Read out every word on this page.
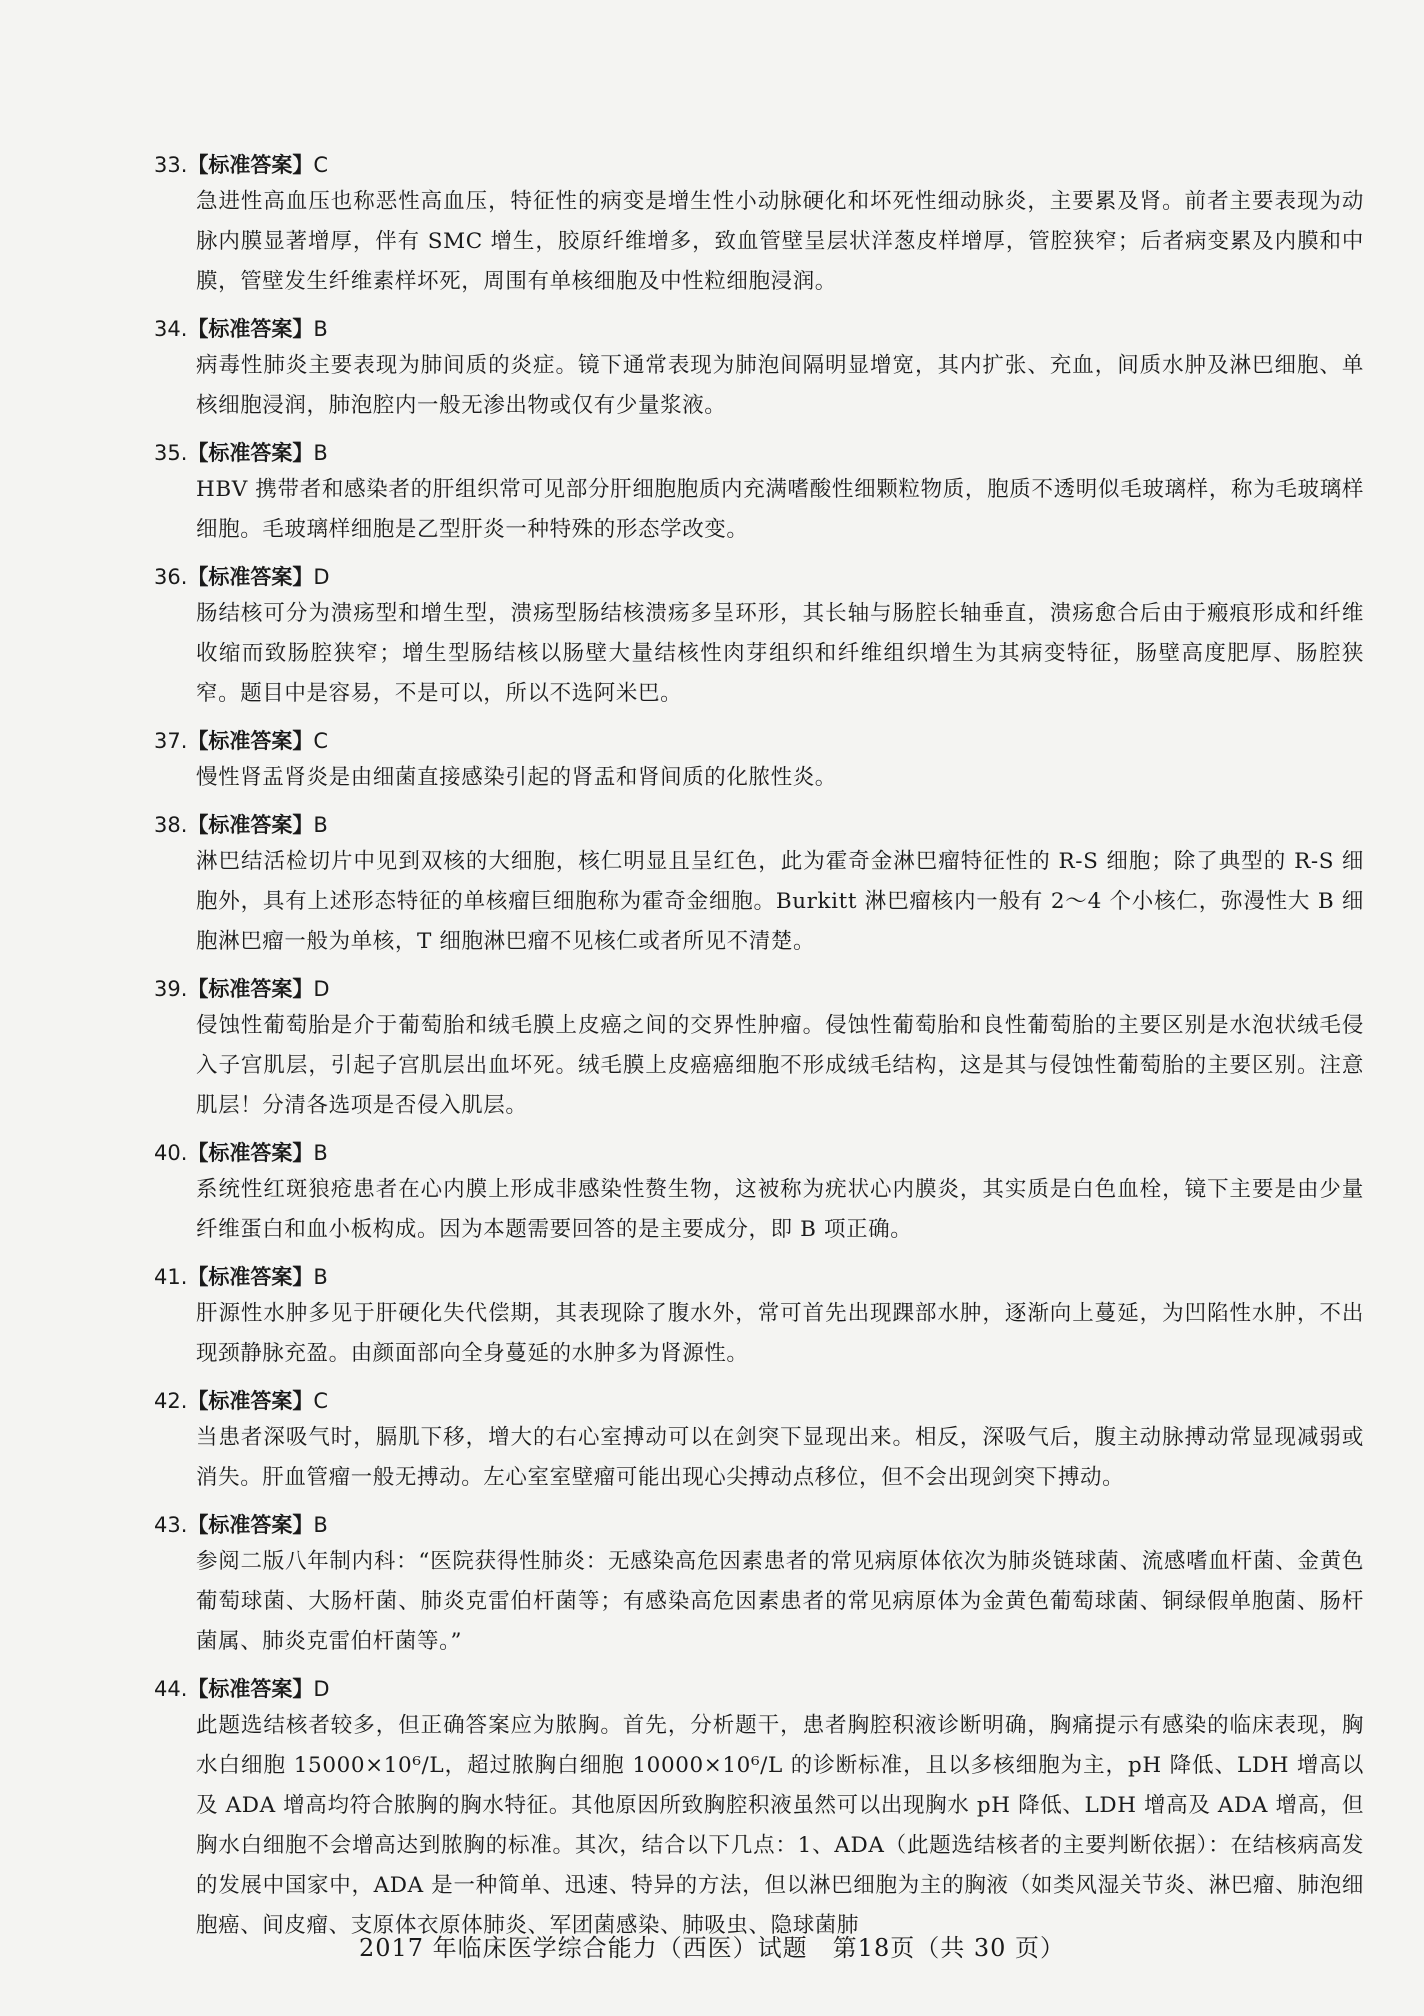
33.【标准答案】C
急进性高血压也称恶性高血压，特征性的病变是增生性小动脉硬化和坏死性细动脉炎，主要累及肾。前者主要表现为动脉内膜显著增厚，伴有 SMC 增生，胶原纤维增多，致血管壁呈层状洋葱皮样增厚，管腔狭窄；后者病变累及内膜和中膜，管壁发生纤维素样坏死，周围有单核细胞及中性粒细胞浸润。
34.【标准答案】B
病毒性肺炎主要表现为肺间质的炎症。镜下通常表现为肺泡间隔明显增宽，其内扩张、充血，间质水肿及淋巴细胞、单核细胞浸润，肺泡腔内一般无渗出物或仅有少量浆液。
35.【标准答案】B
HBV 携带者和感染者的肝组织常可见部分肝细胞胞质内充满嗜酸性细颗粒物质，胞质不透明似毛玻璃样，称为毛玻璃样细胞。毛玻璃样细胞是乙型肝炎一种特殊的形态学改变。
36.【标准答案】D
肠结核可分为溃疡型和增生型，溃疡型肠结核溃疡多呈环形，其长轴与肠腔长轴垂直，溃疡愈合后由于瘢痕形成和纤维收缩而致肠腔狭窄；增生型肠结核以肠壁大量结核性肉芽组织和纤维组织增生为其病变特征，肠壁高度肥厚、肠腔狭窄。题目中是容易，不是可以，所以不选阿米巴。
37.【标准答案】C
慢性肾盂肾炎是由细菌直接感染引起的肾盂和肾间质的化脓性炎。
38.【标准答案】B
淋巴结活检切片中见到双核的大细胞，核仁明显且呈红色，此为霍奇金淋巴瘤特征性的 R-S 细胞；除了典型的 R-S 细胞外，具有上述形态特征的单核瘤巨细胞称为霍奇金细胞。Burkitt 淋巴瘤核内一般有 2～4 个小核仁，弥漫性大 B 细胞淋巴瘤一般为单核，T 细胞淋巴瘤不见核仁或者所见不清楚。
39.【标准答案】D
侵蚀性葡萄胎是介于葡萄胎和绒毛膜上皮癌之间的交界性肿瘤。侵蚀性葡萄胎和良性葡萄胎的主要区别是水泡状绒毛侵入子宫肌层，引起子宫肌层出血坏死。绒毛膜上皮癌癌细胞不形成绒毛结构，这是其与侵蚀性葡萄胎的主要区别。注意肌层！分清各选项是否侵入肌层。
40.【标准答案】B
系统性红斑狼疮患者在心内膜上形成非感染性赘生物，这被称为疣状心内膜炎，其实质是白色血栓，镜下主要是由少量纤维蛋白和血小板构成。因为本题需要回答的是主要成分，即 B 项正确。
41.【标准答案】B
肝源性水肿多见于肝硬化失代偿期，其表现除了腹水外，常可首先出现踝部水肿，逐渐向上蔓延，为凹陷性水肿，不出现颈静脉充盈。由颜面部向全身蔓延的水肿多为肾源性。
42.【标准答案】C
当患者深吸气时，膈肌下移，增大的右心室搏动可以在剑突下显现出来。相反，深吸气后，腹主动脉搏动常显现减弱或消失。肝血管瘤一般无搏动。左心室室壁瘤可能出现心尖搏动点移位，但不会出现剑突下搏动。
43.【标准答案】B
参阅二版八年制内科：“医院获得性肺炎：无感染高危因素患者的常见病原体依次为肺炎链球菌、流感嗜血杆菌、金黄色葡萄球菌、大肠杆菌、肺炎克雷伯杆菌等；有感染高危因素患者的常见病原体为金黄色葡萄球菌、铜绿假单胞菌、肠杆菌属、肺炎克雷伯杆菌等。”
44.【标准答案】D
此题选结核者较多，但正确答案应为脓胸。首先，分析题干，患者胸腔积液诊断明确，胸痛提示有感染的临床表现，胸水白细胞 15000×10⁶/L，超过脓胸白细胞 10000×10⁶/L 的诊断标准，且以多核细胞为主，pH 降低、LDH 增高以及 ADA 增高均符合脓胸的胸水特征。其他原因所致胸腔积液虽然可以出现胸水 pH 降低、LDH 增高及 ADA 增高，但胸水白细胞不会增高达到脓胸的标准。其次，结合以下几点：1、ADA（此题选结核者的主要判断依据）：在结核病高发的发展中国家中，ADA 是一种简单、迅速、特异的方法，但以淋巴细胞为主的胸液（如类风湿关节炎、淋巴瘤、肺泡细胞癌、间皮瘤、支原体衣原体肺炎、军团菌感染、肺吸虫、隐球菌肺
2017 年临床医学综合能力（西医）试题　第18页（共 30 页）
